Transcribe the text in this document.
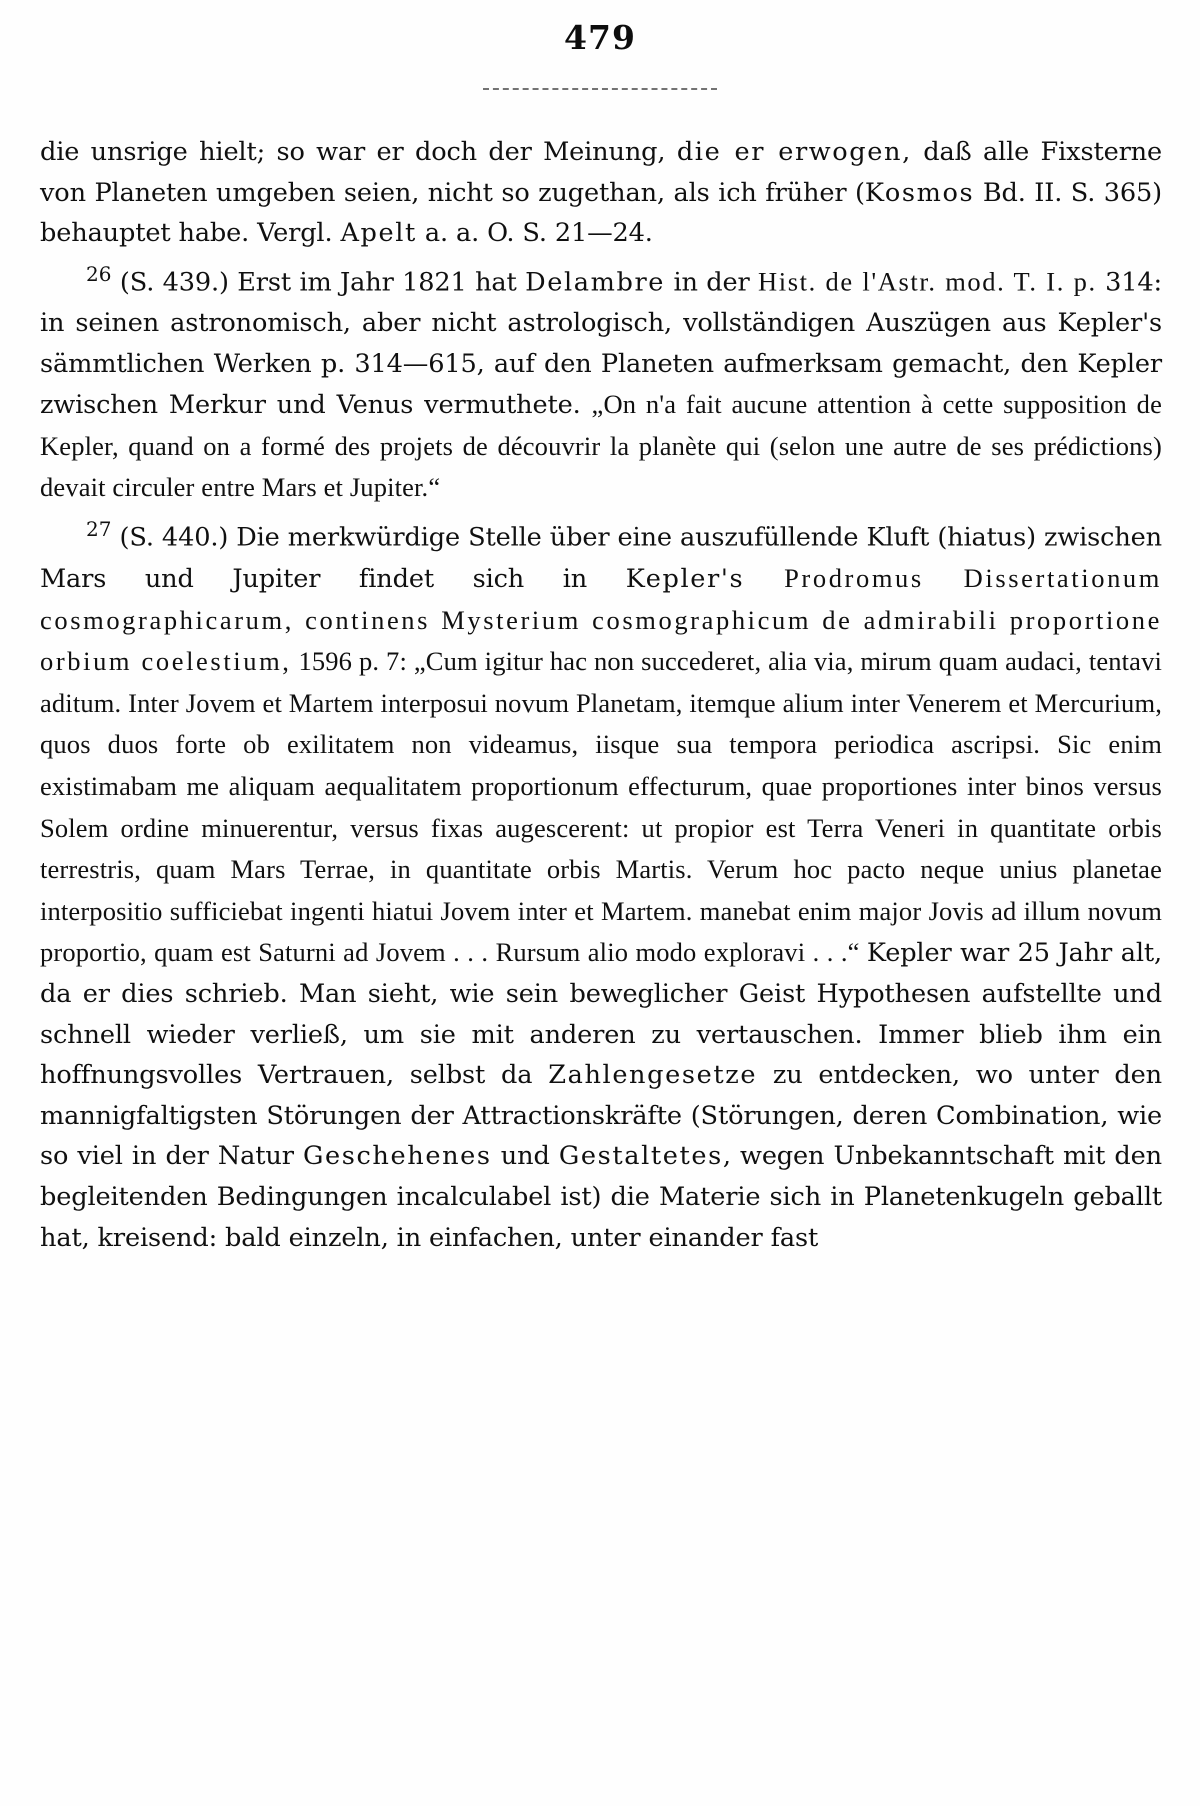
479

die unsrige hielt; so war er doch der Meinung, die er erwogen, daß alle Fixsterne von Planeten umgeben seien, nicht so zugethan, als ich früher (Kosmos Bd. II. S. 365) behauptet habe. Vergl. Apelt a. a. O. S. 21—24.

$^{26}$ (S. 439.) Erst im Jahr 1821 hat Delambre in der Hist. de l'Astr. mod. T. I. p. 314: in seinen astronomisch, aber nicht astrologisch, vollständigen Auszügen aus Kepler's sämmtlichen Werken p. 314—615, auf den Planeten aufmerksam gemacht, den Kepler zwischen Merkur und Venus vermuthete. „On n'a fait aucune attention à cette supposition de Kepler, quand on a formé des projets de découvrir la planète qui (selon une autre de ses prédictions) devait circuler entre Mars et Jupiter.“

$^{27}$ (S. 440.) Die merkwürdige Stelle über eine auszufüllende Kluft (hiatus) zwischen Mars und Jupiter findet sich in Kepler's Prodromus Dissertationum cosmographicarum, continens Mysterium cosmographicum de admirabili proportione orbium coelestium, 1596 p. 7: „Cum igitur hac non succederet, alia via, mirum quam audaci, tentavi aditum. Inter Jovem et Martem interposui novum Planetam, itemque alium inter Venerem et Mercurium, quos duos forte ob exilitatem non videamus, iisque sua tempora periodica ascripsi. Sic enim existimabam me aliquam aequalitatem proportionum effecturum, quae proportiones inter binos versus Solem ordine minuerentur, versus fixas augescerent: ut propior est Terra Veneri in quantitate orbis terrestris, quam Mars Terrae, in quantitate orbis Martis. Verum hoc pacto neque unius planetae interpositio sufficiebat ingenti hiatui Jovem inter et Martem. manebat enim major Jovis ad illum novum proportio, quam est Saturni ad Jovem . . . Rursum alio modo exploravi . . .“ Kepler war 25 Jahr alt, da er dies schrieb. Man sieht, wie sein beweglicher Geist Hypothesen aufstellte und schnell wieder verließ, um sie mit anderen zu vertauschen. Immer blieb ihm ein hoffnungsvolles Vertrauen, selbst da Zahlengesetze zu entdecken, wo unter den mannigfaltigsten Störungen der Attractionskräfte (Störungen, deren Combination, wie so viel in der Natur Geschehenes und Gestaltetes, wegen Unbekanntschaft mit den begleitenden Bedingungen incalculabel ist) die Materie sich in Planetenkugeln geballt hat, kreisend: bald einzeln, in einfachen, unter einander fast
